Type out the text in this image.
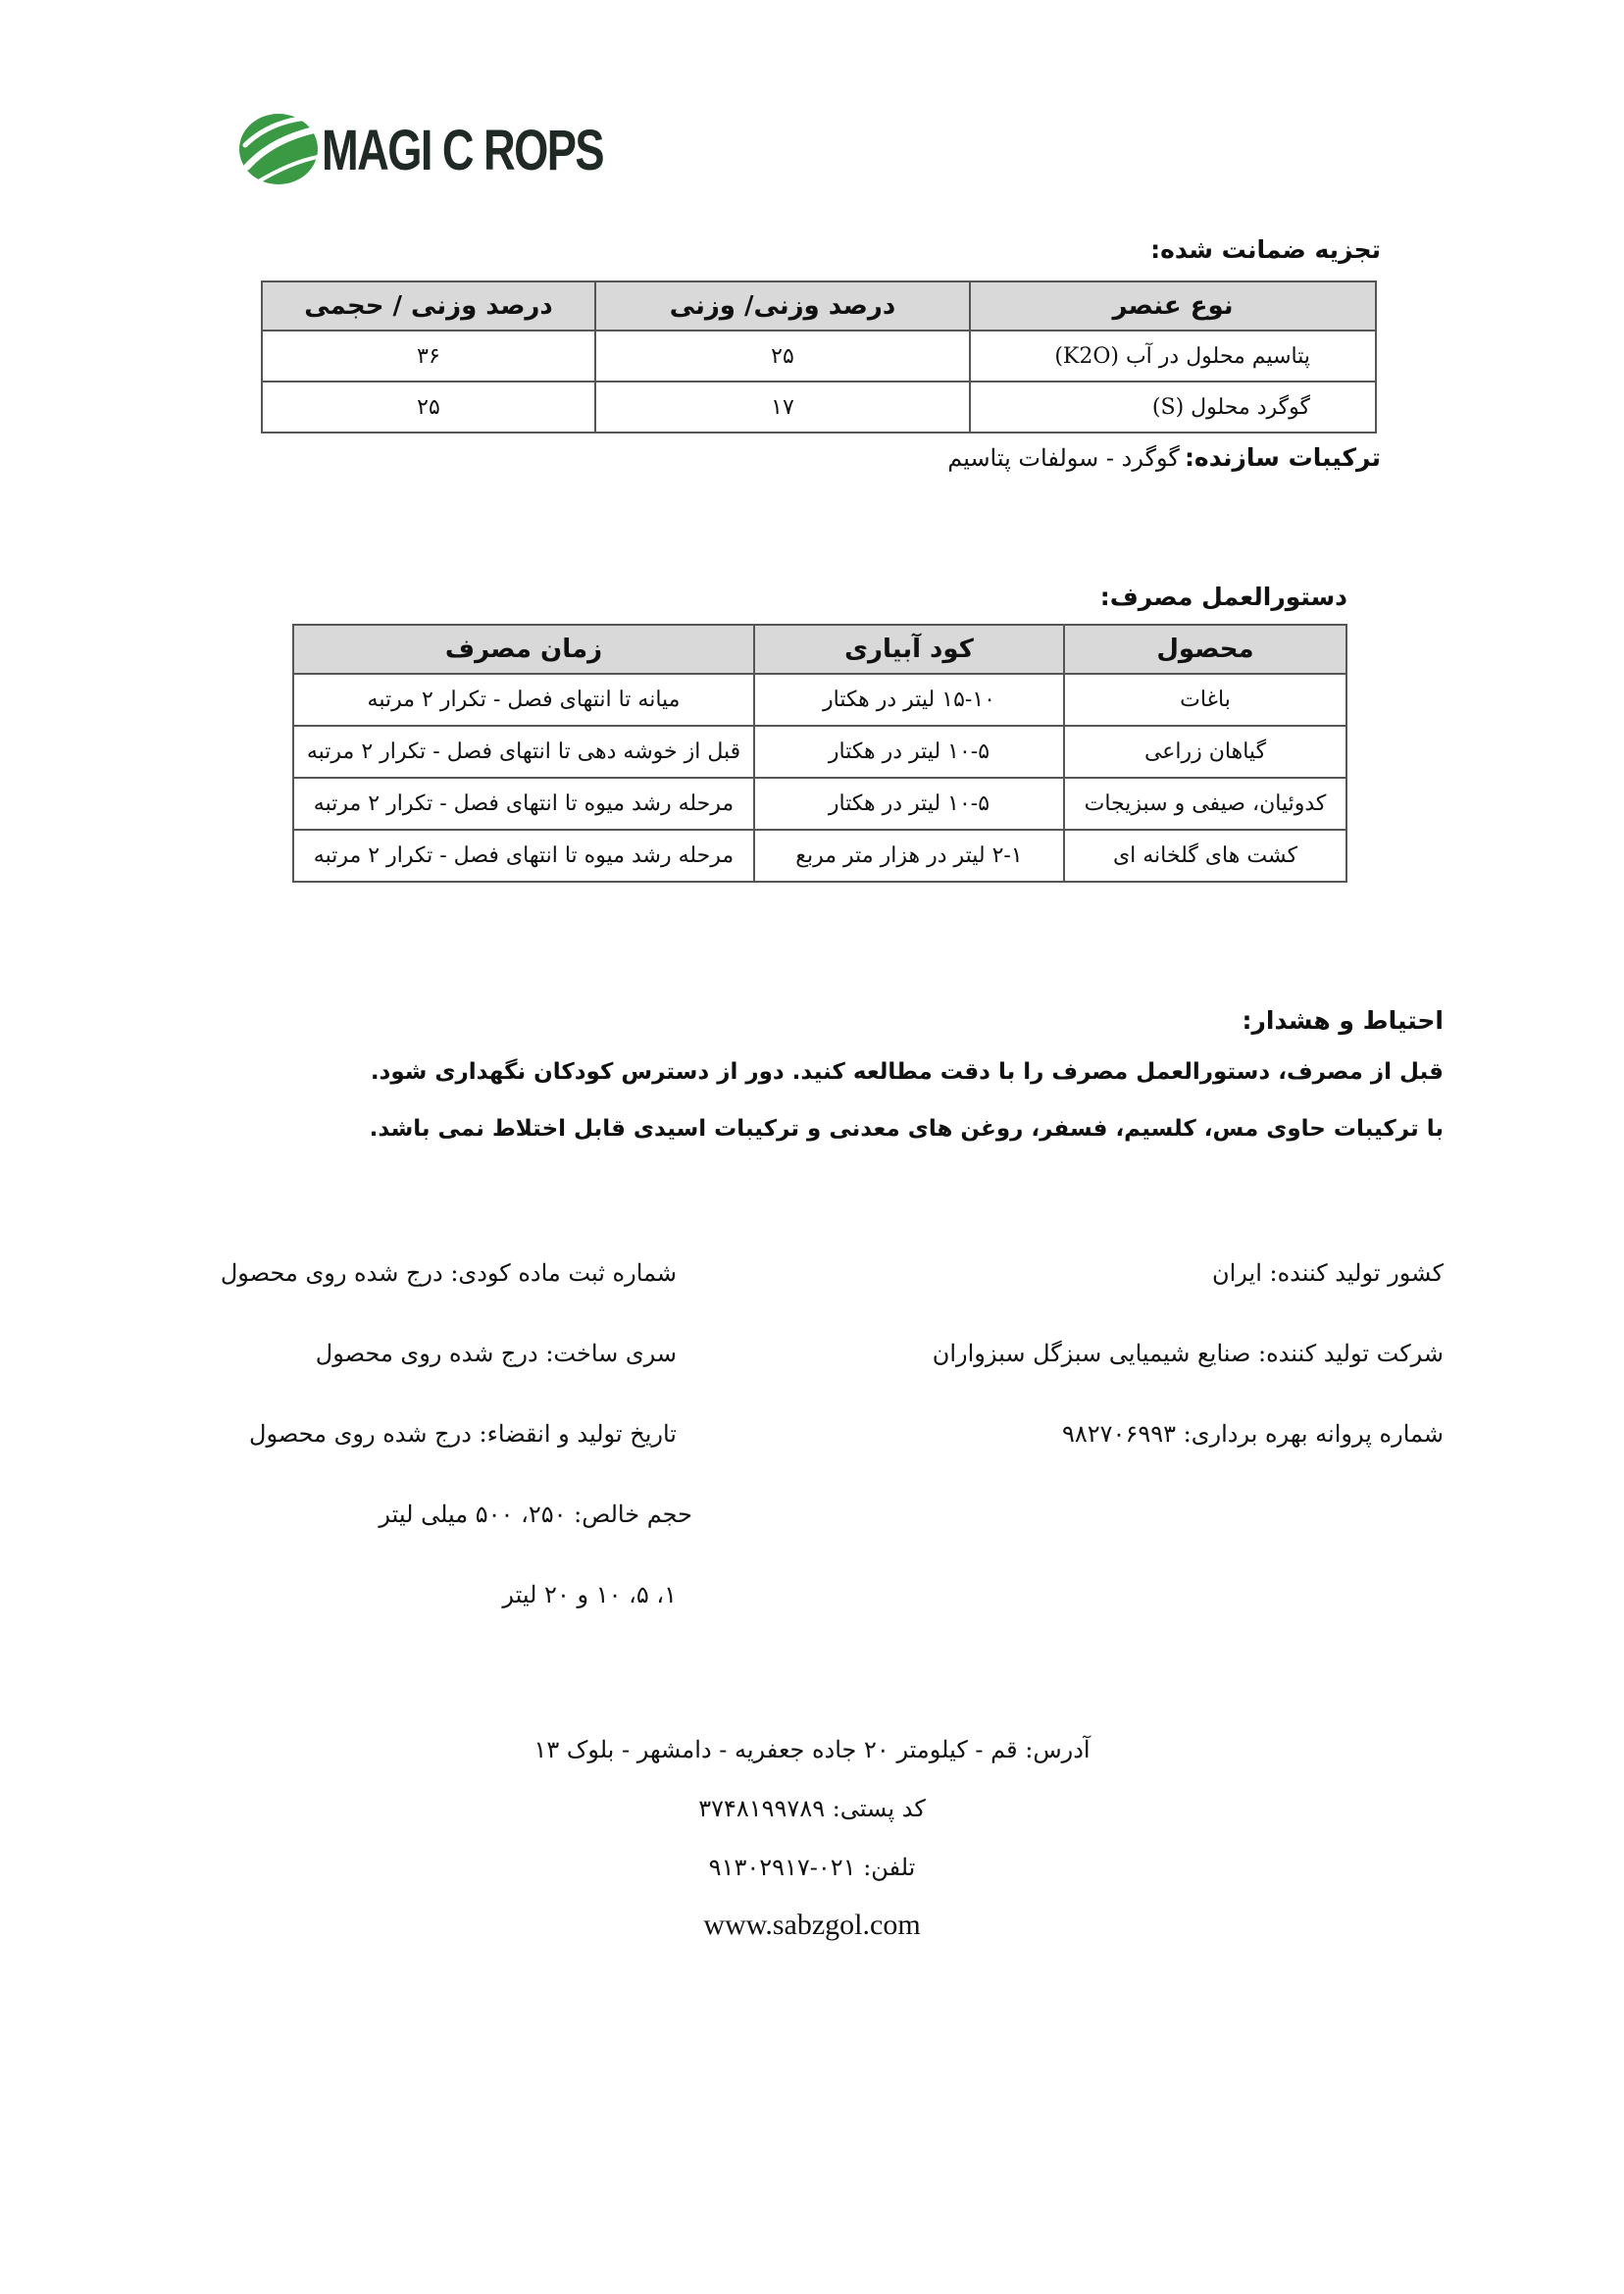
MAGI C ROPS
تجزیه ضمانت شده:
نوع عنصر	درصد وزنی/ وزنی	درصد وزنی / حجمی
پتاسیم محلول در آب (K2O)	۲۵	۳۶
گوگرد محلول (S)	۱۷	۲۵
ترکیبات سازنده: گوگرد - سولفات پتاسیم
دستورالعمل مصرف:
محصول	کود آبیاری	زمان مصرف
باغات	۱۵-۱۰ لیتر در هکتار	میانه تا انتهای فصل - تکرار ۲ مرتبه
گیاهان زراعی	۱۰-۵ لیتر در هکتار	قبل از خوشه دهی تا انتهای فصل - تکرار ۲ مرتبه
کدوئیان، صیفی و سبزیجات	۱۰-۵ لیتر در هکتار	مرحله رشد میوه تا انتهای فصل - تکرار ۲ مرتبه
کشت های گلخانه ای	۲-۱ لیتر در هزار متر مربع	مرحله رشد میوه تا انتهای فصل - تکرار ۲ مرتبه
احتیاط و هشدار:
قبل از مصرف، دستورالعمل مصرف را با دقت مطالعه کنید. دور از دسترس کودکان نگهداری شود.
با ترکیبات حاوی مس، کلسیم، فسفر، روغن های معدنی و ترکیبات اسیدی قابل اختلاط نمی باشد.
کشور تولید کننده: ایران
شرکت تولید کننده: صنایع شیمیایی سبزگل سبزواران
شماره پروانه بهره برداری: ۹۸۲۷۰۶۹۹۳
شماره ثبت ماده کودی: درج شده روی محصول
سری ساخت: درج شده روی محصول
تاریخ تولید و انقضاء: درج شده روی محصول
حجم خالص: ۲۵۰، ۵۰۰ میلی لیتر
۱، ۵، ۱۰ و ۲۰ لیتر
آدرس: قم - کیلومتر ۲۰ جاده جعفریه - دامشهر - بلوک ۱۳
کد پستی: ۳۷۴۸۱۹۹۷۸۹
تلفن: ۰۲۱-۹۱۳۰۲۹۱۷
www.sabzgol.com
